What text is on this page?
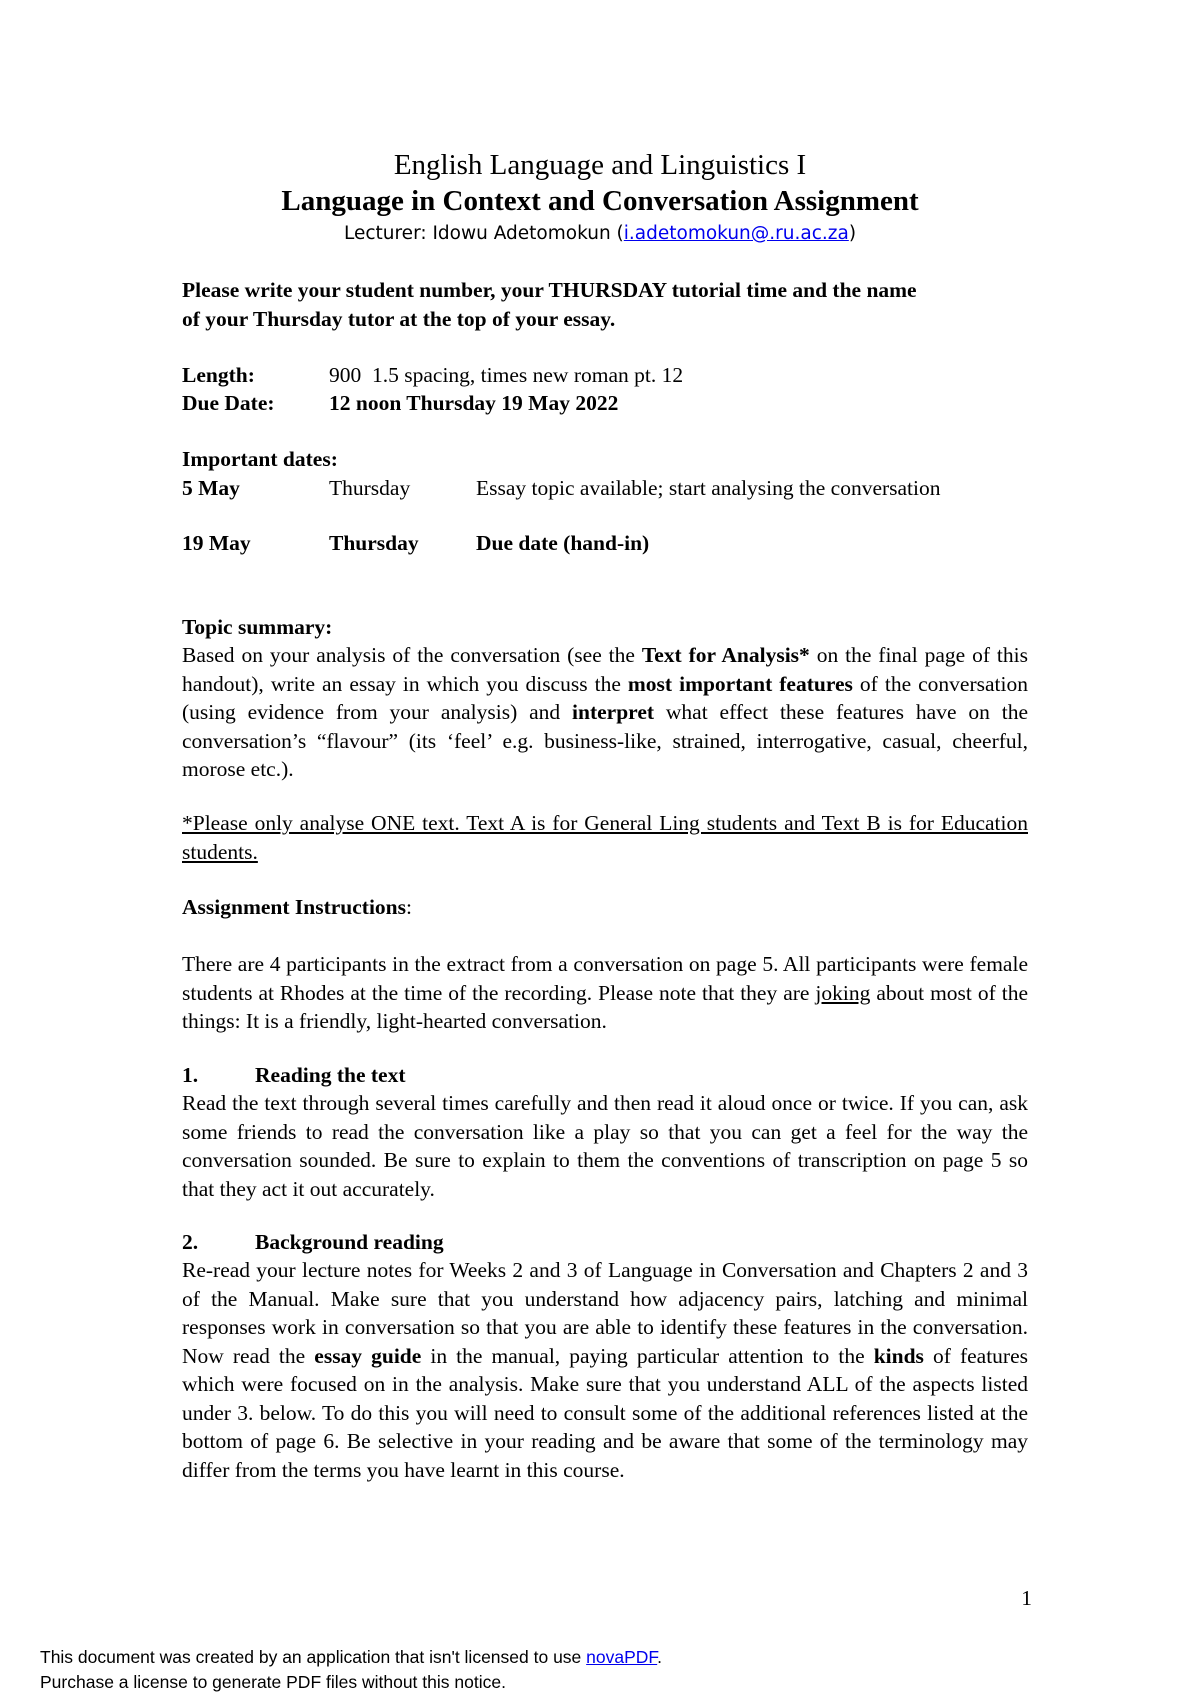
English Language and Linguistics I
Language in Context and Conversation Assignment
Lecturer: Idowu Adetomokun (i.adetomokun@.ru.ac.za)
Please write your student number, your THURSDAY tutorial time and the name
of your Thursday tutor at the top of your essay.
Length:	900  1.5 spacing, times new roman pt. 12
Due Date:	12 noon Thursday 19 May 2022
Important dates:
5 May	Thursday	Essay topic available; start analysing the conversation
19 May	Thursday	Due date (hand-in)
Topic summary:
Based on your analysis of the conversation (see the Text for Analysis* on the final page of this handout), write an essay in which you discuss the most important features of the conversation (using evidence from your analysis) and interpret what effect these features have on the conversation’s “flavour” (its ‘feel’ e.g. business-like, strained, interrogative, casual, cheerful, morose etc.).
*Please only analyse ONE text. Text A is for General Ling students and Text B is for Education students.
Assignment Instructions:
There are 4 participants in the extract from a conversation on page 5. All participants were female students at Rhodes at the time of the recording. Please note that they are joking about most of the things: It is a friendly, light-hearted conversation.
1.	Reading the text
Read the text through several times carefully and then read it aloud once or twice. If you can, ask some friends to read the conversation like a play so that you can get a feel for the way the conversation sounded. Be sure to explain to them the conventions of transcription on page 5 so that they act it out accurately.
2.	Background reading
Re-read your lecture notes for Weeks 2 and 3 of Language in Conversation and Chapters 2 and 3 of the Manual. Make sure that you understand how adjacency pairs, latching and minimal responses work in conversation so that you are able to identify these features in the conversation. Now read the essay guide in the manual, paying particular attention to the kinds of features which were focused on in the analysis. Make sure that you understand ALL of the aspects listed under 3. below. To do this you will need to consult some of the additional references listed at the bottom of page 6. Be selective in your reading and be aware that some of the terminology may differ from the terms you have learnt in this course.
1
This document was created by an application that isn't licensed to use novaPDF.
Purchase a license to generate PDF files without this notice.
